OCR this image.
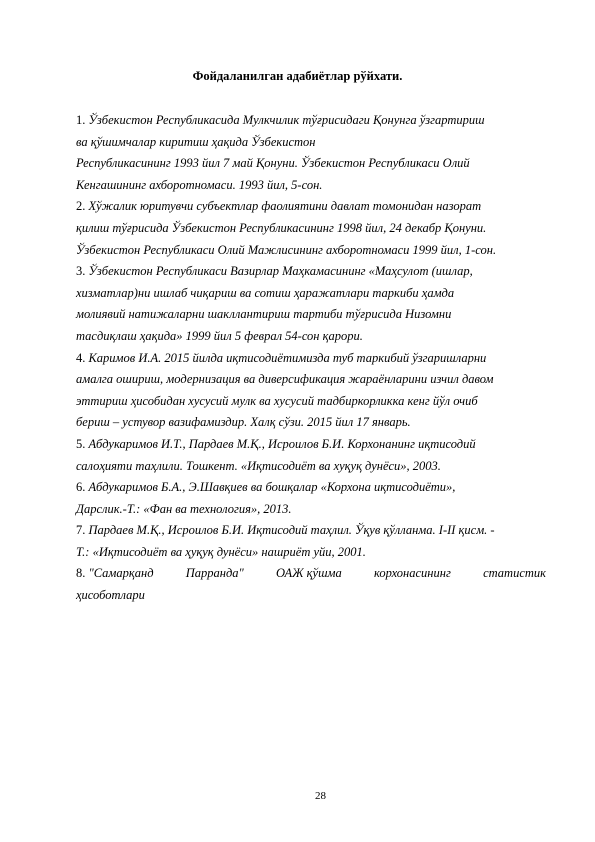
Фойдаланилган адабиётлар рўйхати.

1. Ўзбекистон Республикасида Мулкчилик тўғрисидаги Қонунга ўзгартириш
ва қўшимчалар киритиш ҳақида Ўзбекистон
Республикасининг 1993 йил 7 май Қонуни. Ўзбекистон Республикаси Олий
Кенгашининг ахборотномаси. 1993 йил, 5-сон.

2. Хўжалик юритувчи субъектлар фаолиятини давлат томонидан назорат
қилиш тўғрисида Ўзбекистон Республикасининг 1998 йил, 24 декабр Қонуни.
Ўзбекистон Республикаси Олий Мажлисининг ахборотномаси 1999 йил, 1-сон.

3. Ўзбекистон Республикаси Вазирлар Маҳкамасининг «Маҳсулот (ишлар,
хизматлар)ни ишлаб чиқариш ва сотиш ҳаражатлари таркиби ҳамда
молиявий натижаларни шакллантириш тартиби тўғрисида Низомни
тасдиқлаш ҳақида» 1999 йил 5 феврал 54-сон қарори.

4. Каримов И.А. 2015 йилда иқтисодиётимизда туб таркибий ўзгаришларни
амалга ошириш, модернизация ва диверсификация жараёнларини изчил давом
эттириш ҳисобидан хусусий мулк ва хусусий тадбиркорликка кенг йўл очиб
бериш – устувор вазифамиздир. Халқ сўзи. 2015 йил 17 январь.

5. Абдукаримов И.Т., Пардаев М.Қ., Исроилов Б.И. Корхонанинг иқтисодий
салоҳияти таҳлили. Тошкент. «Иқтисодиёт ва хуқуқ дунёси», 2003.

6. Абдукаримов Б.А., Э.Шавқиев ва бошқалар «Корхона иқтисодиёти»,
Дарслик.-Т.: «Фан ва технология», 2013.

7. Пардаев М.Қ., Исроилов Б.И. Иқтисодий таҳлил. Ўқув қўлланма. I-II қисм. -
Т.: «Иқтисодиёт ва ҳуқуқ дунёси» нашриёт уйи, 2001.

8. "Самарқанд	Парранда"	ОАЖ қўшма	корхонасининг	статистик
ҳисоботлари

28
